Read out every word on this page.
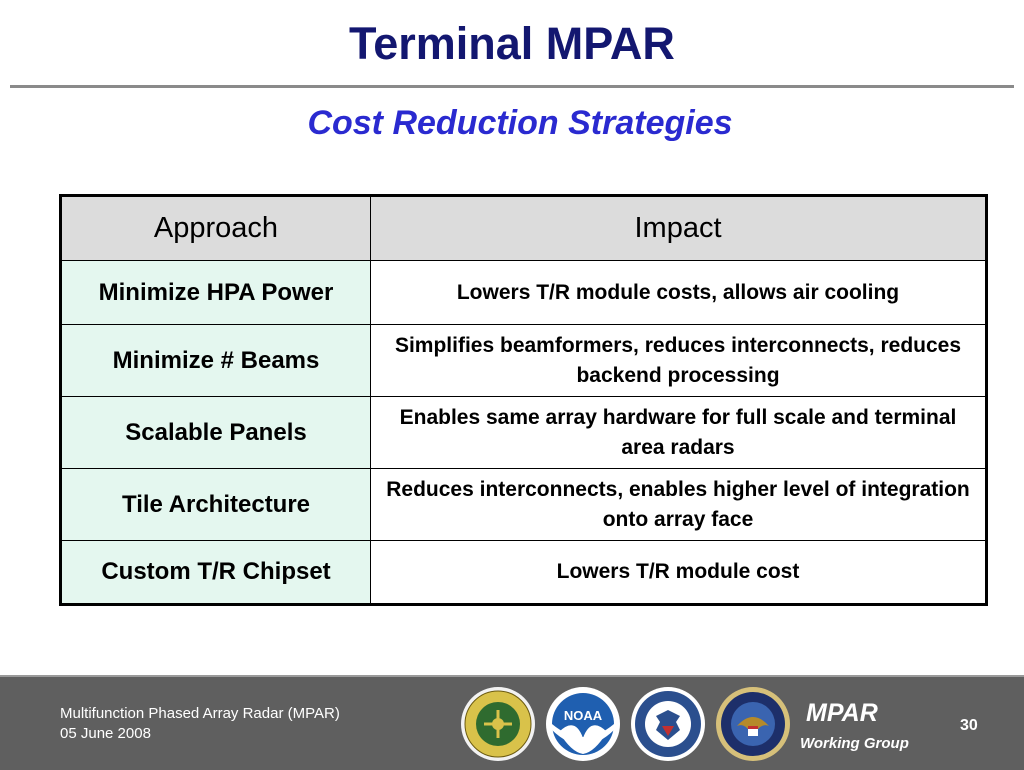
Terminal MPAR
Cost Reduction Strategies
Approach	Impact
Minimize HPA Power	Lowers T/R module costs, allows air cooling
Minimize # Beams	Simplifies beamformers, reduces interconnects, reduces backend processing
Scalable Panels	Enables same array hardware for full scale and terminal area radars
Tile Architecture	Reduces interconnects, enables higher level of integration onto array face
Custom T/R Chipset	Lowers T/R module cost
Multifunction Phased Array Radar (MPAR)
05 June 2008
NOAA	MPAR
Working Group
30
